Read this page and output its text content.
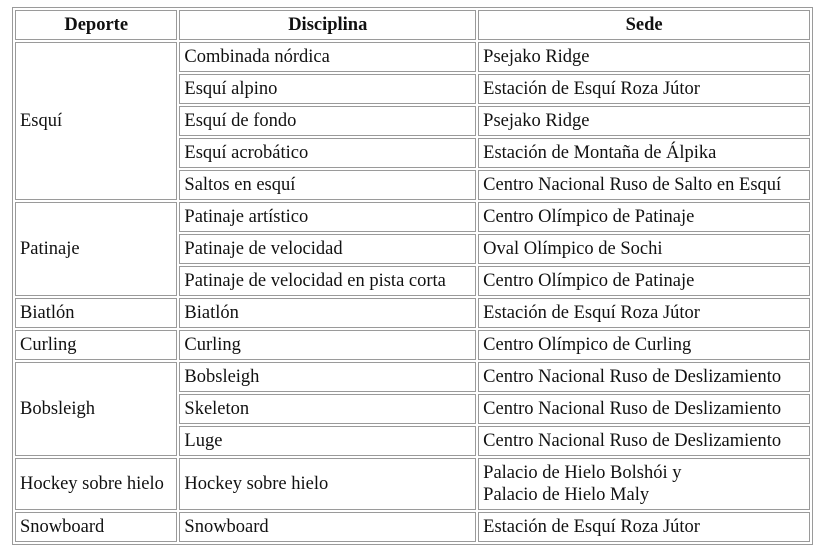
Deporte	Disciplina	Sede
Esquí	Combinada nórdica	Psejako Ridge
	Esquí alpino	Estación de Esquí Roza Jútor
	Esquí de fondo	Psejako Ridge
	Esquí acrobático	Estación de Montaña de Álpika
	Saltos en esquí	Centro Nacional Ruso de Salto en Esquí
Patinaje	Patinaje artístico	Centro Olímpico de Patinaje
	Patinaje de velocidad	Oval Olímpico de Sochi
	Patinaje de velocidad en pista corta	Centro Olímpico de Patinaje
Biatlón	Biatlón	Estación de Esquí Roza Jútor
Curling	Curling	Centro Olímpico de Curling
Bobsleigh	Bobsleigh	Centro Nacional Ruso de Deslizamiento
	Skeleton	Centro Nacional Ruso de Deslizamiento
	Luge	Centro Nacional Ruso de Deslizamiento
Hockey sobre hielo	Hockey sobre hielo	Palacio de Hielo Bolshói y
Palacio de Hielo Maly

Snowboard	Snowboard	Estación de Esquí Roza Jútor
